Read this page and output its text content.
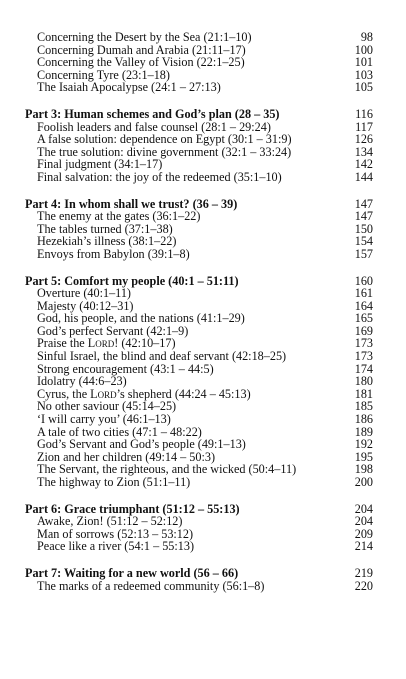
Concerning the Desert by the Sea (21:1–10)	98
Concerning Dumah and Arabia (21:11–17)	100
Concerning the Valley of Vision (22:1–25)	101
Concerning Tyre (23:1–18)	103
The Isaiah Apocalypse (24:1 – 27:13)	105
Part 3: Human schemes and God’s plan (28 – 35)	116
Foolish leaders and false counsel (28:1 – 29:24)	117
A false solution: dependence on Egypt (30:1 – 31:9)	126
The true solution: divine government (32:1 – 33:24)	134
Final judgment (34:1–17)	142
Final salvation: the joy of the redeemed (35:1–10)	144
Part 4: In whom shall we trust? (36 – 39)	147
The enemy at the gates (36:1–22)	147
The tables turned (37:1–38)	150
Hezekiah’s illness (38:1–22)	154
Envoys from Babylon (39:1–8)	157
Part 5: Comfort my people (40:1 – 51:11)	160
Overture (40:1–11)	161
Majesty (40:12–31)	164
God, his people, and the nations (41:1–29)	165
God’s perfect Servant (42:1–9)	169
Praise the Lord! (42:10–17)	173
Sinful Israel, the blind and deaf servant (42:18–25)	173
Strong encouragement (43:1 – 44:5)	174
Idolatry (44:6–23)	180
Cyrus, the Lord’s shepherd (44:24 – 45:13)	181
No other saviour (45:14–25)	185
‘I will carry you’ (46:1–13)	186
A tale of two cities (47:1 – 48:22)	189
God’s Servant and God’s people (49:1–13)	192
Zion and her children (49:14 – 50:3)	195
The Servant, the righteous, and the wicked (50:4–11)	198
The highway to Zion (51:1–11)	200
Part 6: Grace triumphant (51:12 – 55:13)	204
Awake, Zion! (51:12 – 52:12)	204
Man of sorrows (52:13 – 53:12)	209
Peace like a river (54:1 – 55:13)	214
Part 7: Waiting for a new world (56 – 66)	219
The marks of a redeemed community (56:1–8)	220
